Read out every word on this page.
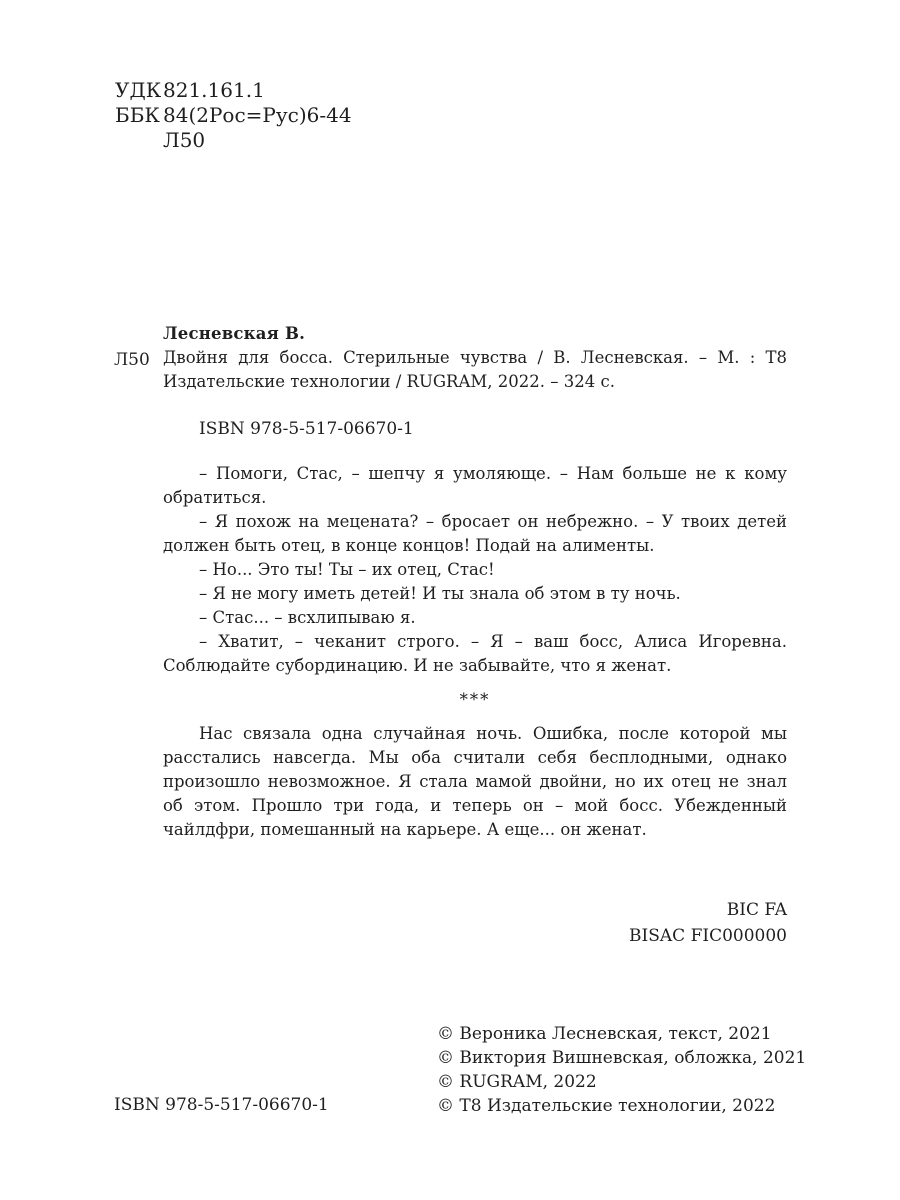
УДК 821.161.1
ББК 84(2Рос=Рус)6-44
Л50
Лесневская В.
Л50 Двойня для босса. Стерильные чувства / В. Лесневская. – М. : Т8 Издательские технологии / RUGRAM, 2022. – 324 с.

ISBN 978-5-517-06670-1

– Помоги, Стас, – шепчу я умоляюще. – Нам больше не к кому обратиться.

– Я похож на мецената? – бросает он небрежно. – У твоих детей должен быть отец, в конце концов! Подай на алименты.

– Но... Это ты! Ты – их отец, Стас!

– Я не могу иметь детей! И ты знала об этом в ту ночь.

– Стас... – всхлипываю я.

– Хватит, – чеканит строго. – Я – ваш босс, Алиса Игоревна. Соблюдайте субординацию. И не забывайте, что я женат.

***

Нас связала одна случайная ночь. Ошибка, после которой мы расстались навсегда. Мы оба считали себя бесплодными, однако произошло невозможное. Я стала мамой двойни, но их отец не знал об этом. Прошло три года, и теперь он – мой босс. Убежденный чайлдфри, помешанный на карьере. А еще... он женат.

BIC FA
BISAC FIC000000
© Вероника Лесневская, текст, 2021
© Виктория Вишневская, обложка, 2021
© RUGRAM, 2022
© Т8 Издательские технологии, 2022
ISBN 978-5-517-06670-1
